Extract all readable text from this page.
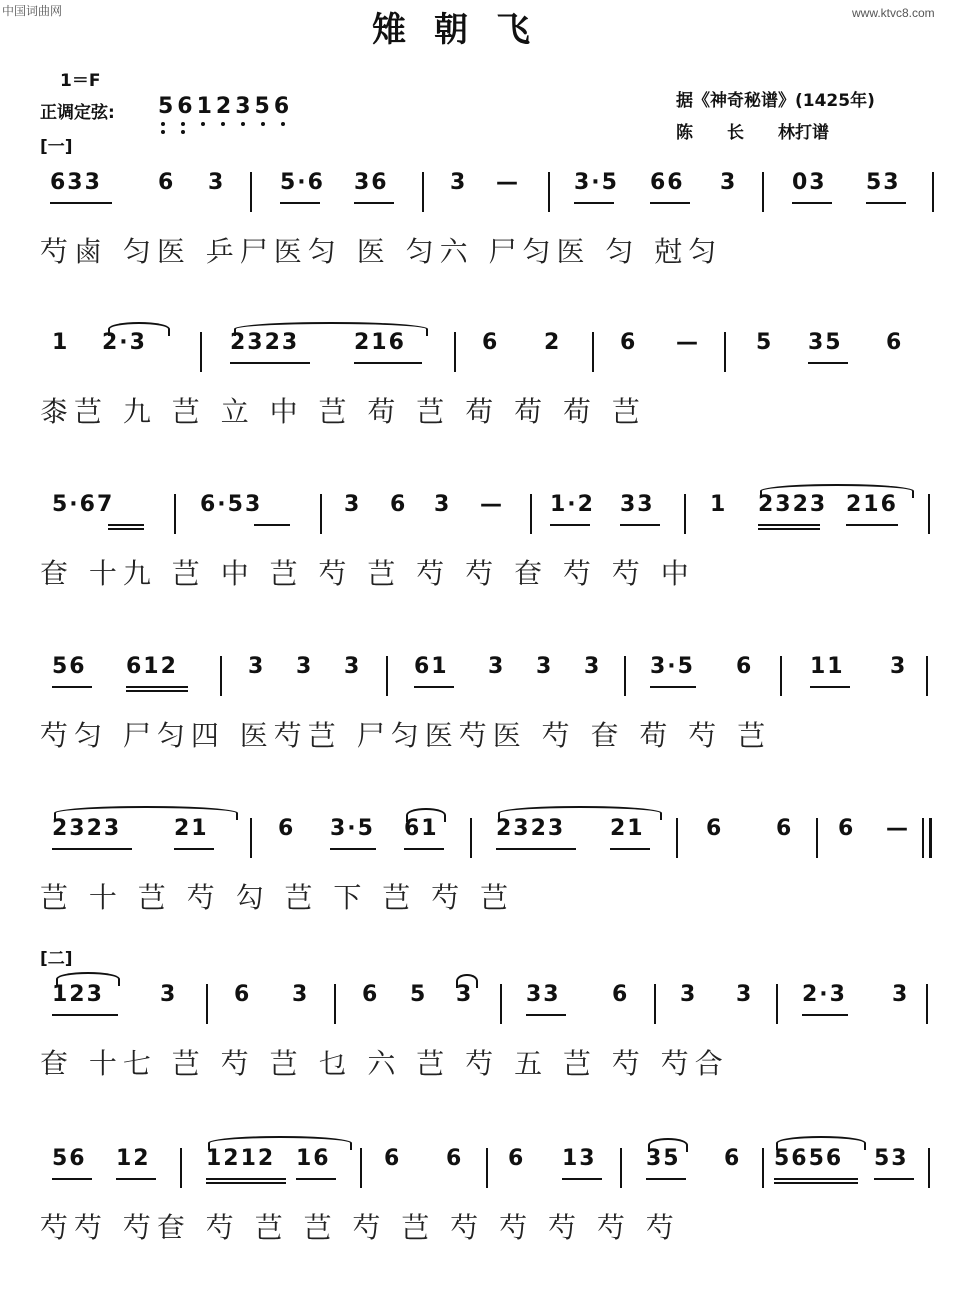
中国词曲网	www.ktvc8.com
雉朝飞
1＝F
正调定弦: 5612356	据《神奇秘谱》(1425年)
陈　　长　　林打谱
[一]
[二]
633	6 3 5·6 36	3 — 3·5 66 3 03 53
芍鹵 匀医 乒尸医匀 医 匀六 尸匀医 匀 尅匀
1 2·3	2323 216	6 2	6 —	5 35 6
桼芑 九 芑 立 中 芑 苟 芑 苟 苟 苟 芑
5·67	6·53	3 6 3 — 1·2 33	1 2323 216
奆 十九 芑 中 芑 芍 芑 芍 芍 奆 芍 芍 中
56 612	3 3 3 61 3 3 3 3·5 6	11 3
芍匀 尸匀四 医芍芑 尸匀医芍医 芍 奆 苟 芍 芑
2323 21	6 3·5 61	2323 21	6 6 6 —
芑 十 芑 芍 勾 芑 下 芑 芍 芑
123	3	6 3 6 5 3 33 6 3 3 2·3 3
奆 十七 芑 芍 芑 乜 六 芑 芍 五 芑 芍 芍合
56 12	1212 16 6 6 6 13 35 6 5656 53
芍芍 芍奆 芍 芑 芑 芍 芑 芍 芍 芍 芍 芍
